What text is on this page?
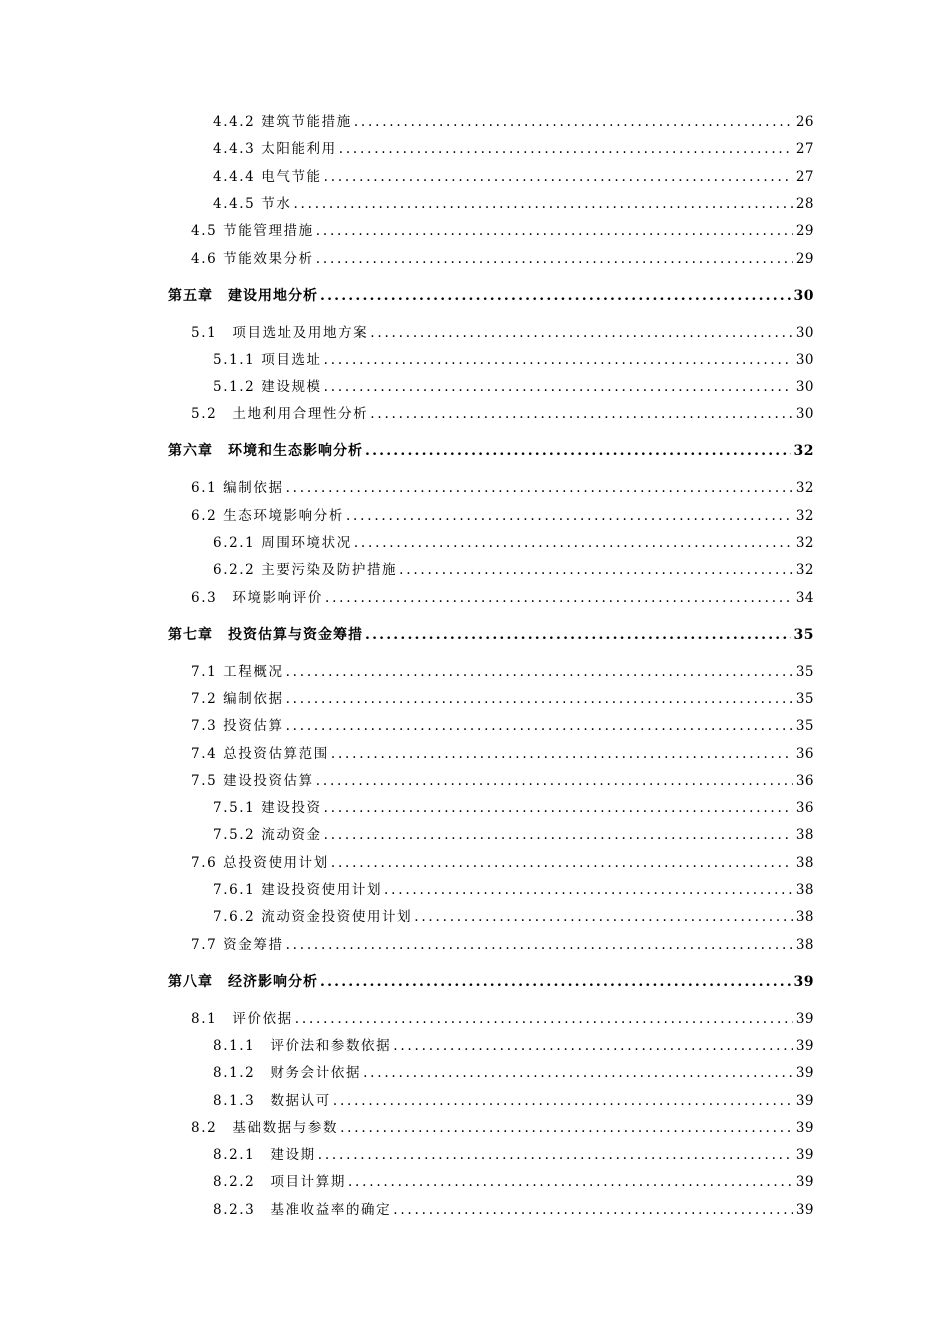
4.4.2 建筑节能措施 .....	26
4.4.3 太阳能利用 .....	27
4.4.4 电气节能 .....	27
4.4.5 节水 .....	28
4.5 节能管理措施 .....	29
4.6 节能效果分析 .....	29
第五章　建设用地分析 .....	30
5.1　项目选址及用地方案 .....	30
5.1.1 项目选址 .....	30
5.1.2 建设规模 .....	30
5.2　土地利用合理性分析 .....	30
第六章　环境和生态影响分析 .....	32
6.1 编制依据 .....	32
6.2 生态环境影响分析 .....	32
6.2.1 周围环境状况 .....	32
6.2.2 主要污染及防护措施 .....	32
6.3　环境影响评价 .....	34
第七章　投资估算与资金筹措 .....	35
7.1 工程概况 .....	35
7.2 编制依据 .....	35
7.3 投资估算 .....	35
7.4 总投资估算范围 .....	36
7.5 建设投资估算 .....	36
7.5.1 建设投资 .....	36
7.5.2 流动资金 .....	38
7.6 总投资使用计划 .....	38
7.6.1 建设投资使用计划 .....	38
7.6.2 流动资金投资使用计划 .....	38
7.7 资金筹措 .....	38
第八章　经济影响分析 .....	39
8.1　评价依据 .....	39
8.1.1　评价法和参数依据 .....	39
8.1.2　财务会计依据 .....	39
8.1.3　数据认可 .....	39
8.2　基础数据与参数 .....	39
8.2.1　建设期 .....	39
8.2.2　项目计算期 .....	39
8.2.3　基准收益率的确定 .....	39
